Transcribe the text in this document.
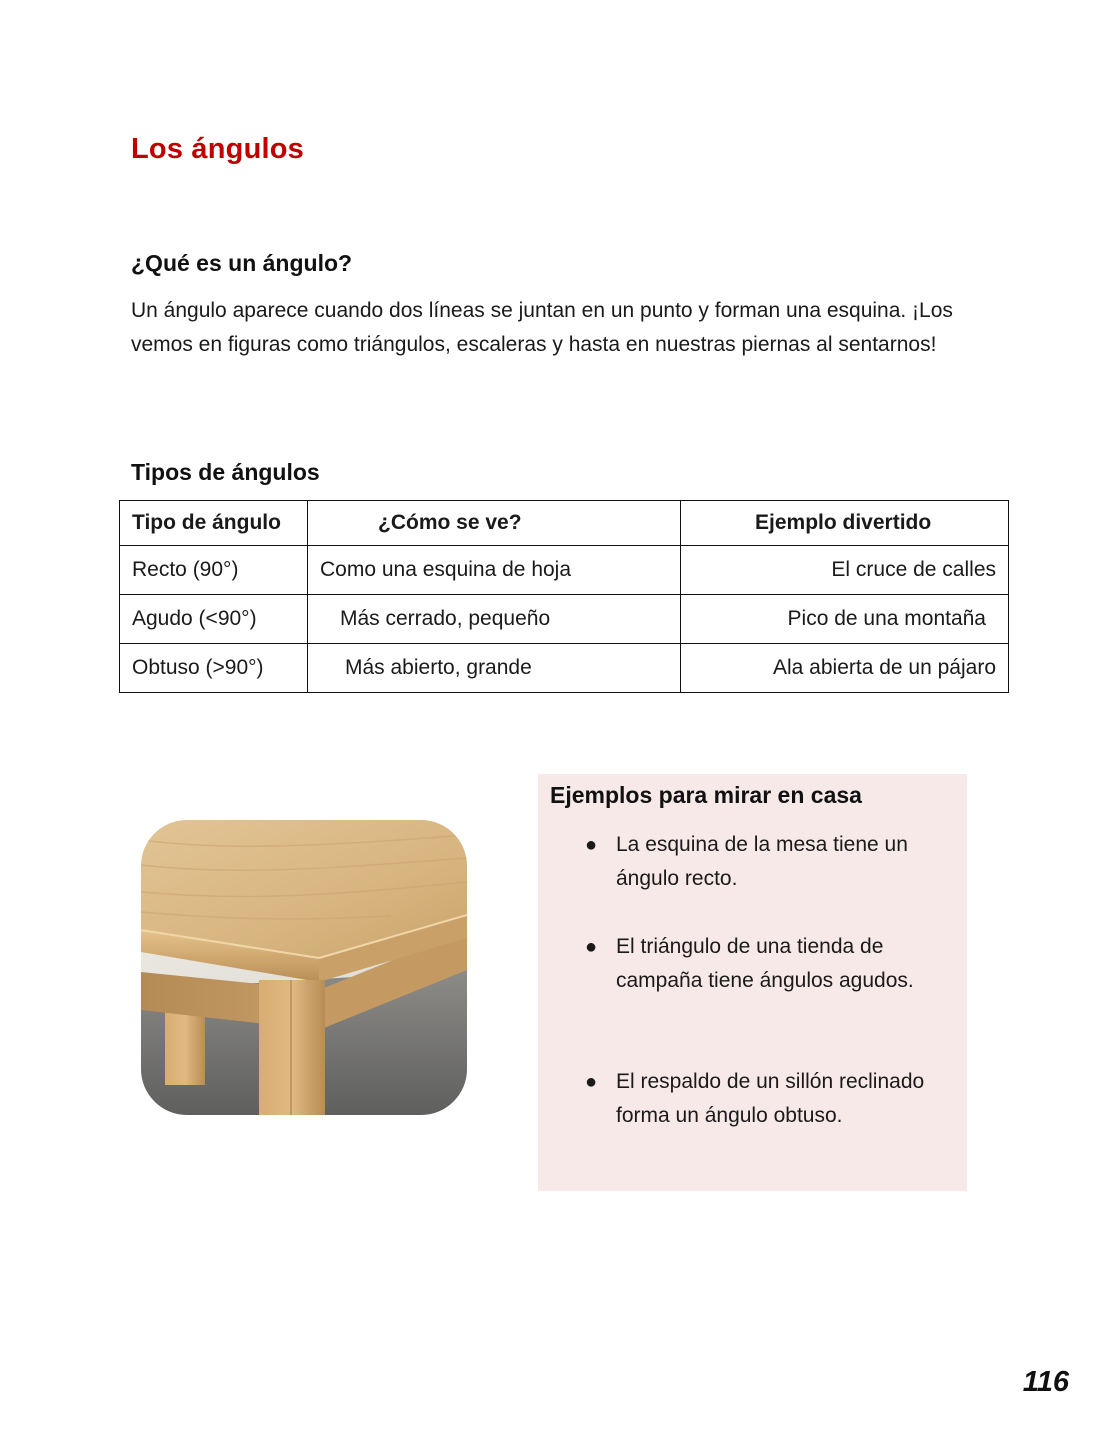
Los ángulos
¿Qué es un ángulo?

Un ángulo aparece cuando dos líneas se juntan en un punto y forman una esquina. ¡Los vemos en figuras como triángulos, escaleras y hasta en nuestras piernas al sentarnos!

Tipos de ángulos
Tipo de ángulo	¿Cómo se ve?	Ejemplo divertido
Recto (90°)	Como una esquina de hoja	El cruce de calles
Agudo (<90°)	Más cerrado, pequeño	Pico de una montaña
Obtuso (>90°)	Más abierto, grande	Ala abierta de un pájaro
Ejemplos para mirar en casa
● La esquina de la mesa tiene un ángulo recto.
● El triángulo de una tienda de campaña tiene ángulos agudos.
● El respaldo de un sillón reclinado forma un ángulo obtuso.

116
